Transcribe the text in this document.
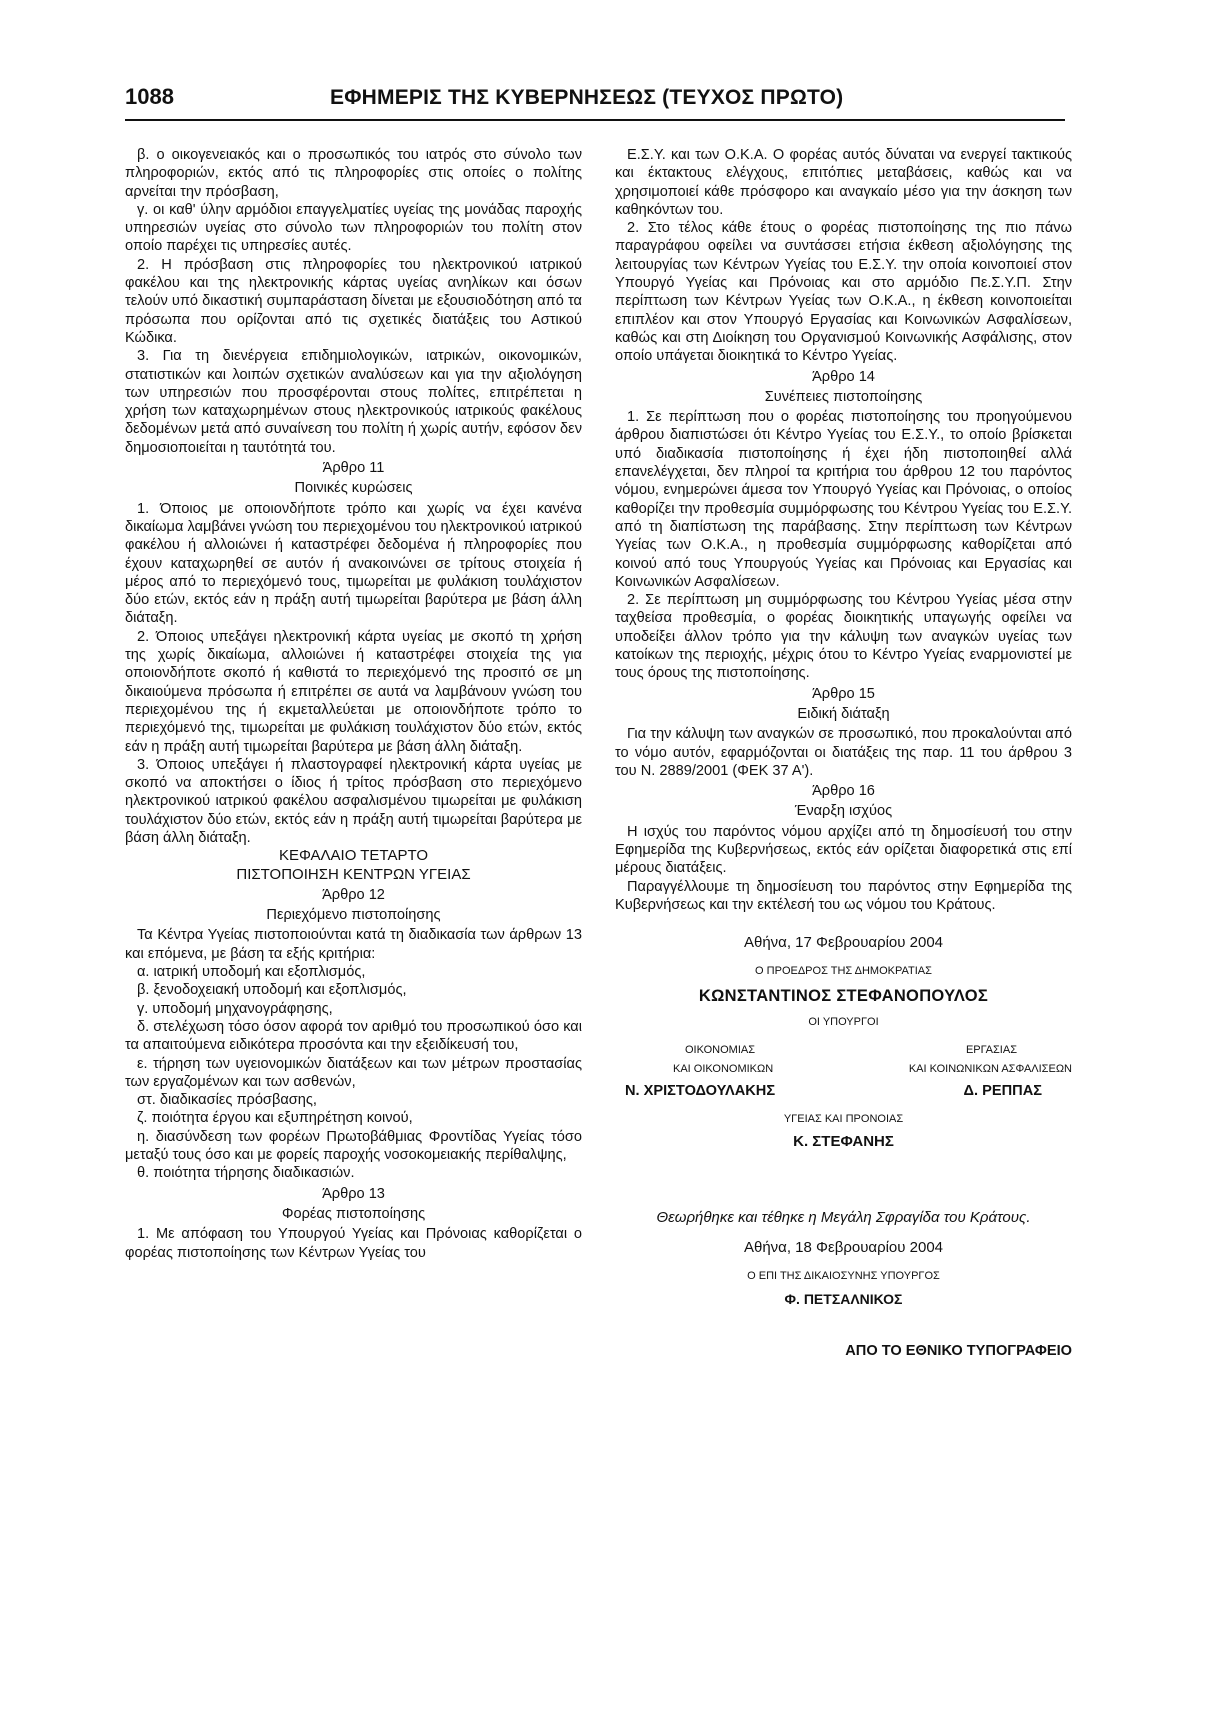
1088	ΕΦΗΜΕΡΙΣ ΤΗΣ ΚΥΒΕΡΝΗΣΕΩΣ (ΤΕΥΧΟΣ ΠΡΩΤΟ)

β. ο οικογενειακός και ο προσωπικός του ιατρός στο σύνολο των πληροφοριών, εκτός από τις πληροφορίες στις οποίες ο πολίτης αρνείται την πρόσβαση,

γ. οι καθ' ύλην αρμόδιοι επαγγελματίες υγείας της μονάδας παροχής υπηρεσιών υγείας στο σύνολο των πληροφοριών του πολίτη στον οποίο παρέχει τις υπηρεσίες αυτές.

2. Η πρόσβαση στις πληροφορίες του ηλεκτρονικού ιατρικού φακέλου και της ηλεκτρονικής κάρτας υγείας ανηλίκων και όσων τελούν υπό δικαστική συμπαράσταση δίνεται με εξουσιοδότηση από τα πρόσωπα που ορίζονται από τις σχετικές διατάξεις του Αστικού Κώδικα.

3. Για τη διενέργεια επιδημιολογικών, ιατρικών, οικονομικών, στατιστικών και λοιπών σχετικών αναλύσεων και για την αξιολόγηση των υπηρεσιών που προσφέρονται στους πολίτες, επιτρέπεται η χρήση των καταχωρημένων στους ηλεκτρονικούς ιατρικούς φακέλους δεδομένων μετά από συναίνεση του πολίτη ή χωρίς αυτήν, εφόσον δεν δημοσιοποιείται η ταυτότητά του.

Άρθρο 11
Ποινικές κυρώσεις

1. Όποιος με οποιονδήποτε τρόπο και χωρίς να έχει κανένα δικαίωμα λαμβάνει γνώση του περιεχομένου του ηλεκτρονικού ιατρικού φακέλου ή αλλοιώνει ή καταστρέφει δεδομένα ή πληροφορίες που έχουν καταχωρηθεί σε αυτόν ή ανακοινώνει σε τρίτους στοιχεία ή μέρος από το περιεχόμενό τους, τιμωρείται με φυλάκιση τουλάχιστον δύο ετών, εκτός εάν η πράξη αυτή τιμωρείται βαρύτερα με βάση άλλη διάταξη.

2. Όποιος υπεξάγει ηλεκτρονική κάρτα υγείας με σκοπό τη χρήση της χωρίς δικαίωμα, αλλοιώνει ή καταστρέφει στοιχεία της για οποιονδήποτε σκοπό ή καθιστά το περιεχόμενό της προσιτό σε μη δικαιούμενα πρόσωπα ή επιτρέπει σε αυτά να λαμβάνουν γνώση του περιεχομένου της ή εκμεταλλεύεται με οποιονδήποτε τρόπο το περιεχόμενό της, τιμωρείται με φυλάκιση τουλάχιστον δύο ετών, εκτός εάν η πράξη αυτή τιμωρείται βαρύτερα με βάση άλλη διάταξη.

3. Όποιος υπεξάγει ή πλαστογραφεί ηλεκτρονική κάρτα υγείας με σκοπό να αποκτήσει ο ίδιος ή τρίτος πρόσβαση στο περιεχόμενο ηλεκτρονικού ιατρικού φακέλου ασφαλισμένου τιμωρείται με φυλάκιση τουλάχιστον δύο ετών, εκτός εάν η πράξη αυτή τιμωρείται βαρύτερα με βάση άλλη διάταξη.

ΚΕΦΑΛΑΙΟ ΤΕΤΑΡΤΟ
ΠΙΣΤΟΠΟΙΗΣΗ ΚΕΝΤΡΩΝ ΥΓΕΙΑΣ
Άρθρο 12
Περιεχόμενο πιστοποίησης

Τα Κέντρα Υγείας πιστοποιούνται κατά τη διαδικασία των άρθρων 13 και επόμενα, με βάση τα εξής κριτήρια:

α. ιατρική υποδομή και εξοπλισμός,

β. ξενοδοχειακή υποδομή και εξοπλισμός,

γ. υποδομή μηχανογράφησης,

δ. στελέχωση τόσο όσον αφορά τον αριθμό του προσωπικού όσο και τα απαιτούμενα ειδικότερα προσόντα και την εξειδίκευσή του,

ε. τήρηση των υγειονομικών διατάξεων και των μέτρων προστασίας των εργαζομένων και των ασθενών,

στ. διαδικασίες πρόσβασης,

ζ. ποιότητα έργου και εξυπηρέτηση κοινού,

η. διασύνδεση των φορέων Πρωτοβάθμιας Φροντίδας Υγείας τόσο μεταξύ τους όσο και με φορείς παροχής νοσοκομειακής περίθαλψης,

θ. ποιότητα τήρησης διαδικασιών.

Άρθρο 13
Φορέας πιστοποίησης

1. Με απόφαση του Υπουργού Υγείας και Πρόνοιας καθορίζεται ο φορέας πιστοποίησης των Κέντρων Υγείας του

Ε.Σ.Υ. και των Ο.Κ.Α. Ο φορέας αυτός δύναται να ενεργεί τακτικούς και έκτακτους ελέγχους, επιτόπιες μεταβάσεις, καθώς και να χρησιμοποιεί κάθε πρόσφορο και αναγκαίο μέσο για την άσκηση των καθηκόντων του.

2. Στο τέλος κάθε έτους ο φορέας πιστοποίησης της πιο πάνω παραγράφου οφείλει να συντάσσει ετήσια έκθεση αξιολόγησης της λειτουργίας των Κέντρων Υγείας του Ε.Σ.Υ. την οποία κοινοποιεί στον Υπουργό Υγείας και Πρόνοιας και στο αρμόδιο Πε.Σ.Υ.Π. Στην περίπτωση των Κέντρων Υγείας των Ο.Κ.Α., η έκθεση κοινοποιείται επιπλέον και στον Υπουργό Εργασίας και Κοινωνικών Ασφαλίσεων, καθώς και στη Διοίκηση του Οργανισμού Κοινωνικής Ασφάλισης, στον οποίο υπάγεται διοικητικά το Κέντρο Υγείας.

Άρθρο 14
Συνέπειες πιστοποίησης

1. Σε περίπτωση που ο φορέας πιστοποίησης του προηγούμενου άρθρου διαπιστώσει ότι Κέντρο Υγείας του Ε.Σ.Υ., το οποίο βρίσκεται υπό διαδικασία πιστοποίησης ή έχει ήδη πιστοποιηθεί αλλά επανελέγχεται, δεν πληροί τα κριτήρια του άρθρου 12 του παρόντος νόμου, ενημερώνει άμεσα τον Υπουργό Υγείας και Πρόνοιας, ο οποίος καθορίζει την προθεσμία συμμόρφωσης του Κέντρου Υγείας του Ε.Σ.Υ. από τη διαπίστωση της παράβασης. Στην περίπτωση των Κέντρων Υγείας των Ο.Κ.Α., η προθεσμία συμμόρφωσης καθορίζεται από κοινού από τους Υπουργούς Υγείας και Πρόνοιας και Εργασίας και Κοινωνικών Ασφαλίσεων.

2. Σε περίπτωση μη συμμόρφωσης του Κέντρου Υγείας μέσα στην ταχθείσα προθεσμία, ο φορέας διοικητικής υπαγωγής οφείλει να υποδείξει άλλον τρόπο για την κάλυψη των αναγκών υγείας των κατοίκων της περιοχής, μέχρις ότου το Κέντρο Υγείας εναρμονιστεί με τους όρους της πιστοποίησης.

Άρθρο 15
Ειδική διάταξη

Για την κάλυψη των αναγκών σε προσωπικό, που προκαλούνται από το νόμο αυτόν, εφαρμόζονται οι διατάξεις της παρ. 11 του άρθρου 3 του Ν. 2889/2001 (ΦΕΚ 37 Α').

Άρθρο 16
Έναρξη ισχύος

Η ισχύς του παρόντος νόμου αρχίζει από τη δημοσίευσή του στην Εφημερίδα της Κυβερνήσεως, εκτός εάν ορίζεται διαφορετικά στις επί μέρους διατάξεις.

Παραγγέλλουμε τη δημοσίευση του παρόντος στην Εφημερίδα της Κυβερνήσεως και την εκτέλεσή του ως νόμου του Κράτους.

Αθήνα, 17 Φεβρουαρίου 2004
Ο ΠΡΟΕΔΡΟΣ ΤΗΣ ΔΗΜΟΚΡΑΤΙΑΣ
ΚΩΝΣΤΑΝΤΙΝΟΣ ΣΤΕΦΑΝΟΠΟΥΛΟΣ
ΟΙ ΥΠΟΥΡΓΟΙ
ΟΙΚΟΝΟΜΙΑΣ	ΕΡΓΑΣΙΑΣ
ΚΑΙ ΟΙΚΟΝΟΜΙΚΩΝ	ΚΑΙ ΚΟΙΝΩΝΙΚΩΝ ΑΣΦΑΛΙΣΕΩΝ
Ν. ΧΡΙΣΤΟΔΟΥΛΑΚΗΣ	Δ. ΡΕΠΠΑΣ
ΥΓΕΙΑΣ ΚΑΙ ΠΡΟΝΟΙΑΣ
Κ. ΣΤΕΦΑΝΗΣ
Θεωρήθηκε και τέθηκε η Μεγάλη Σφραγίδα του Κράτους.
Αθήνα, 18 Φεβρουαρίου 2004
Ο ΕΠΙ ΤΗΣ ΔΙΚΑΙΟΣΥΝΗΣ ΥΠΟΥΡΓΟΣ
Φ. ΠΕΤΣΑΛΝΙΚΟΣ
ΑΠΟ ΤΟ ΕΘΝΙΚΟ ΤΥΠΟΓΡΑΦΕΙΟ
